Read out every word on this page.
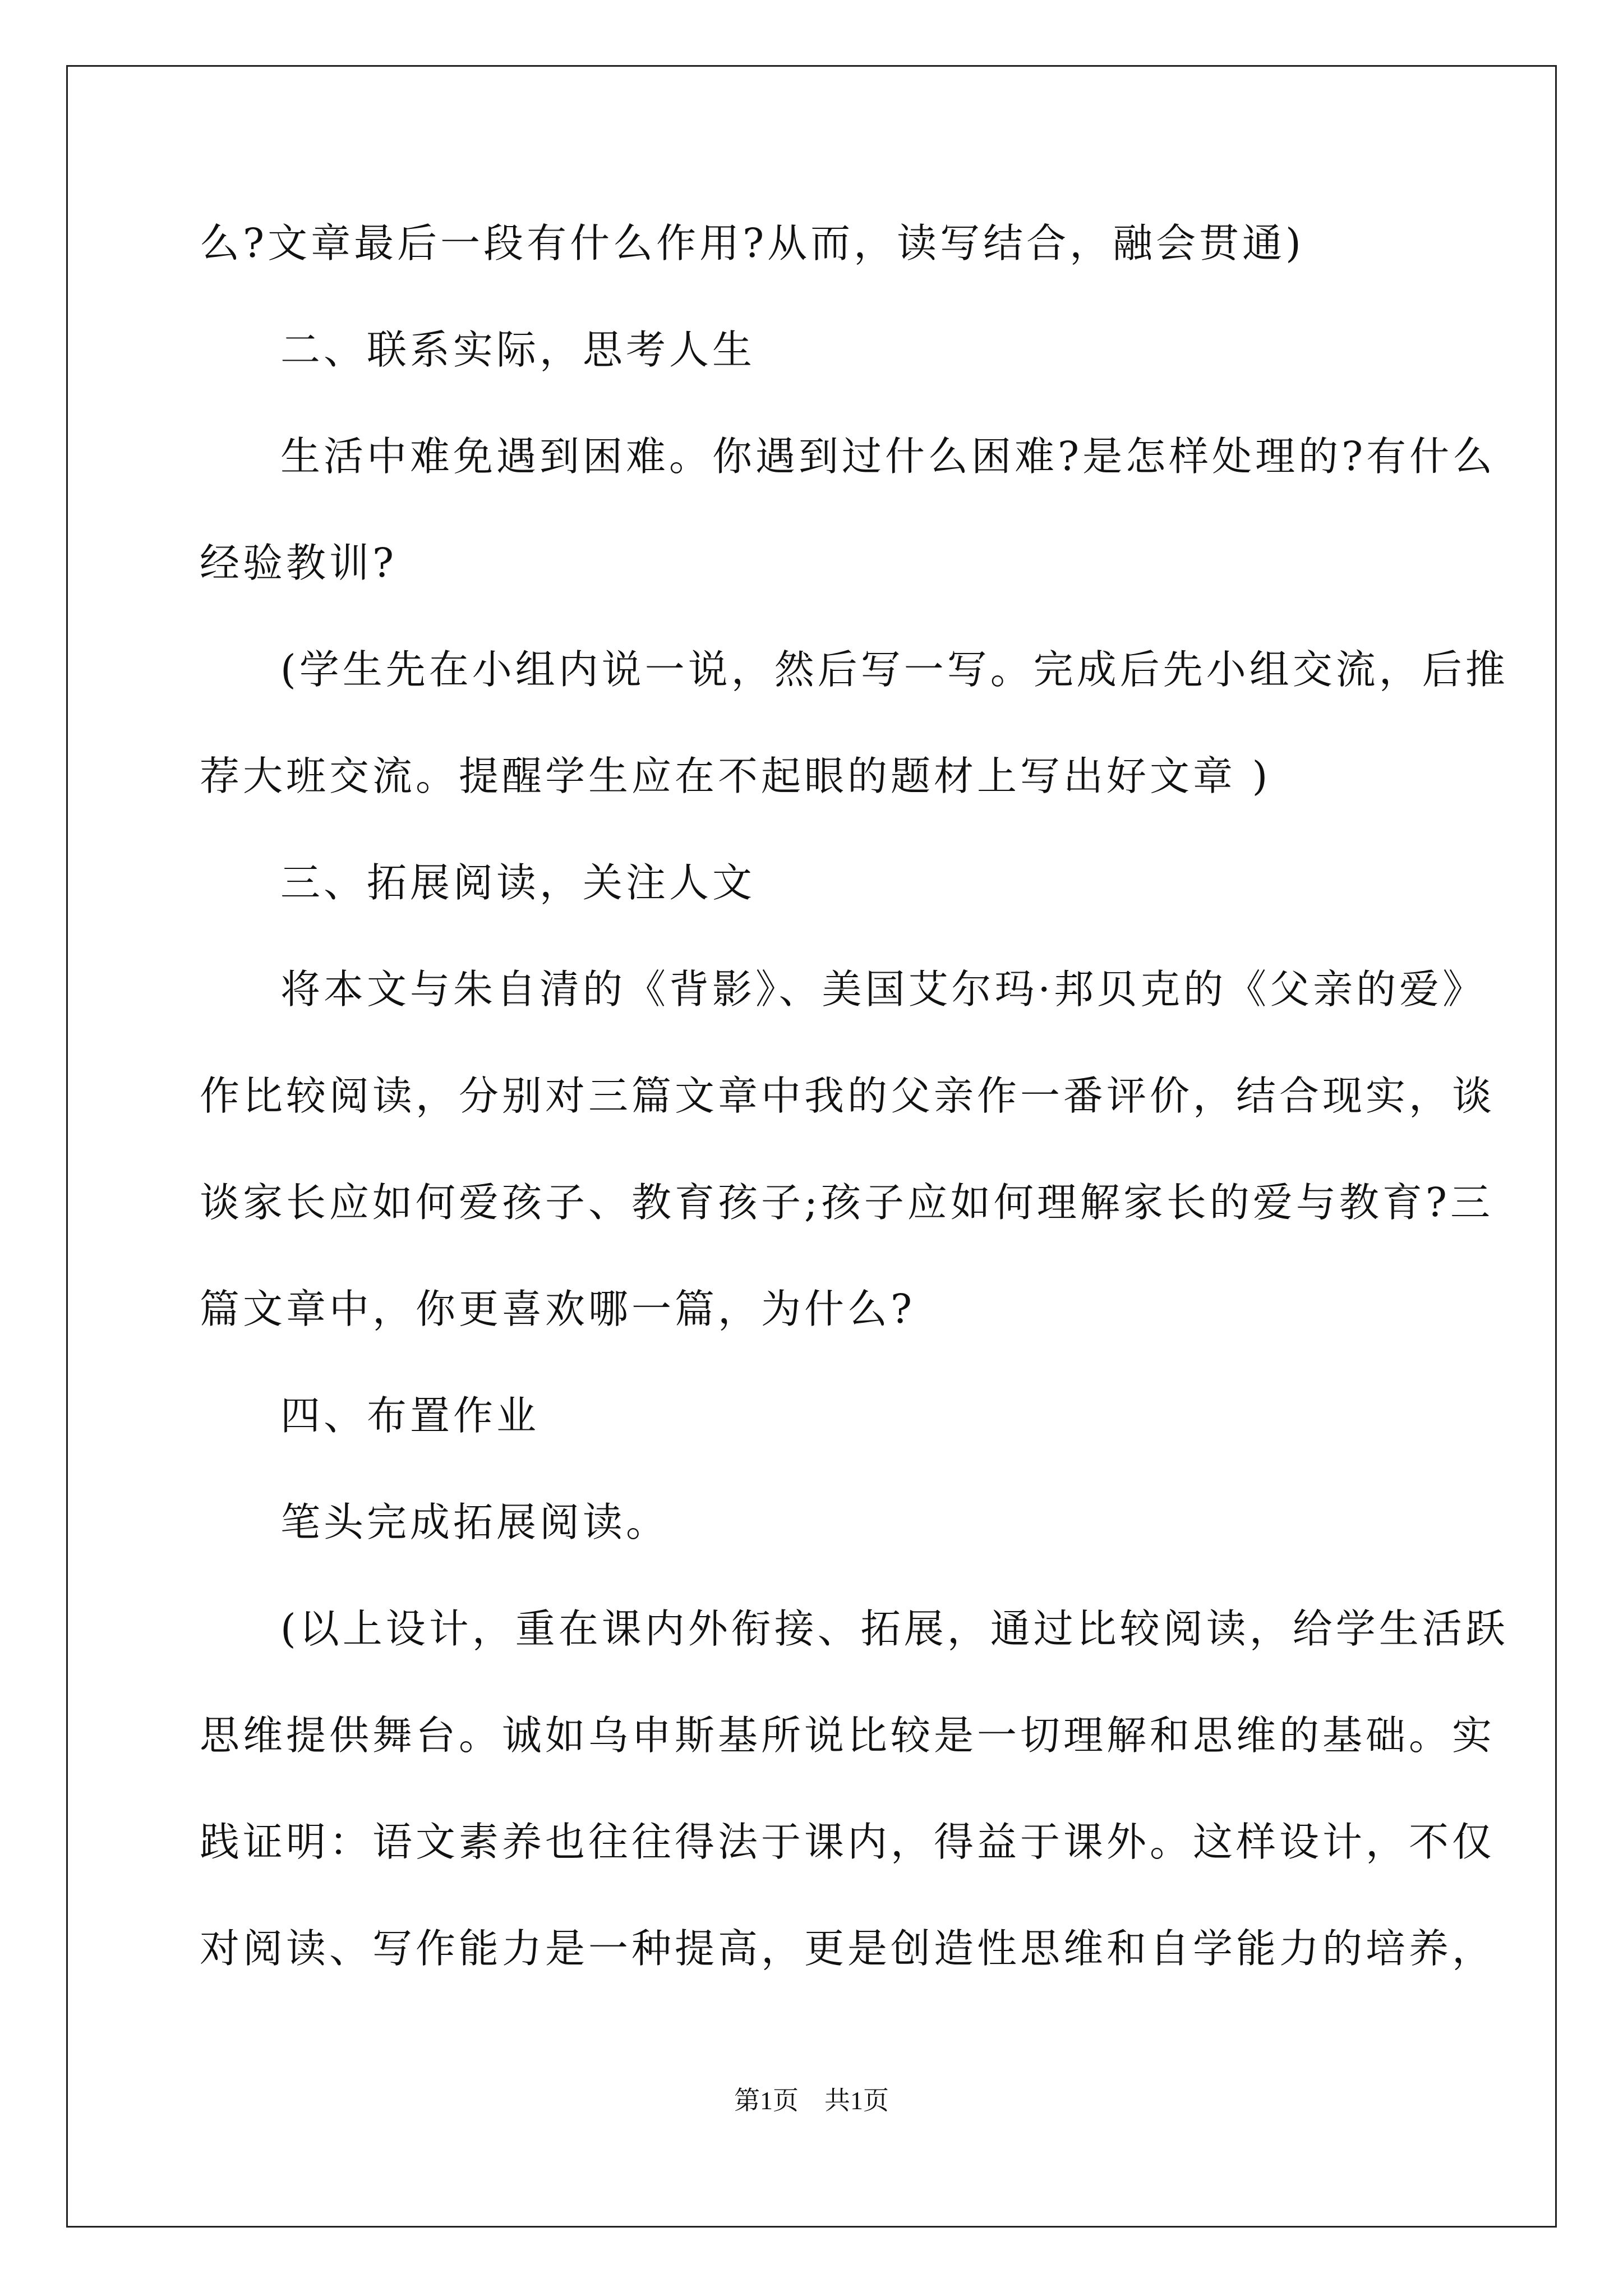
么?文章最后一段有什么作用?从而，读写结合，融会贯通)
二、联系实际，思考人生
生活中难免遇到困难。你遇到过什么困难?是怎样处理的?有什么
经验教训?
(学生先在小组内说一说，然后写一写。完成后先小组交流，后推
荐大班交流。提醒学生应在不起眼的题材上写出好文章 )
三、拓展阅读，关注人文
将本文与朱自清的《背影》、美国艾尔玛·邦贝克的《父亲的爱》
作比较阅读，分别对三篇文章中我的父亲作一番评价，结合现实，谈
谈家长应如何爱孩子、教育孩子;孩子应如何理解家长的爱与教育?三
篇文章中，你更喜欢哪一篇，为什么?
四、布置作业
笔头完成拓展阅读。
(以上设计，重在课内外衔接、拓展，通过比较阅读，给学生活跃
思维提供舞台。诚如乌申斯基所说比较是一切理解和思维的基础。实
践证明：语文素养也往往得法于课内，得益于课外。这样设计，不仅
对阅读、写作能力是一种提高，更是创造性思维和自学能力的培养，
第1页　共1页
